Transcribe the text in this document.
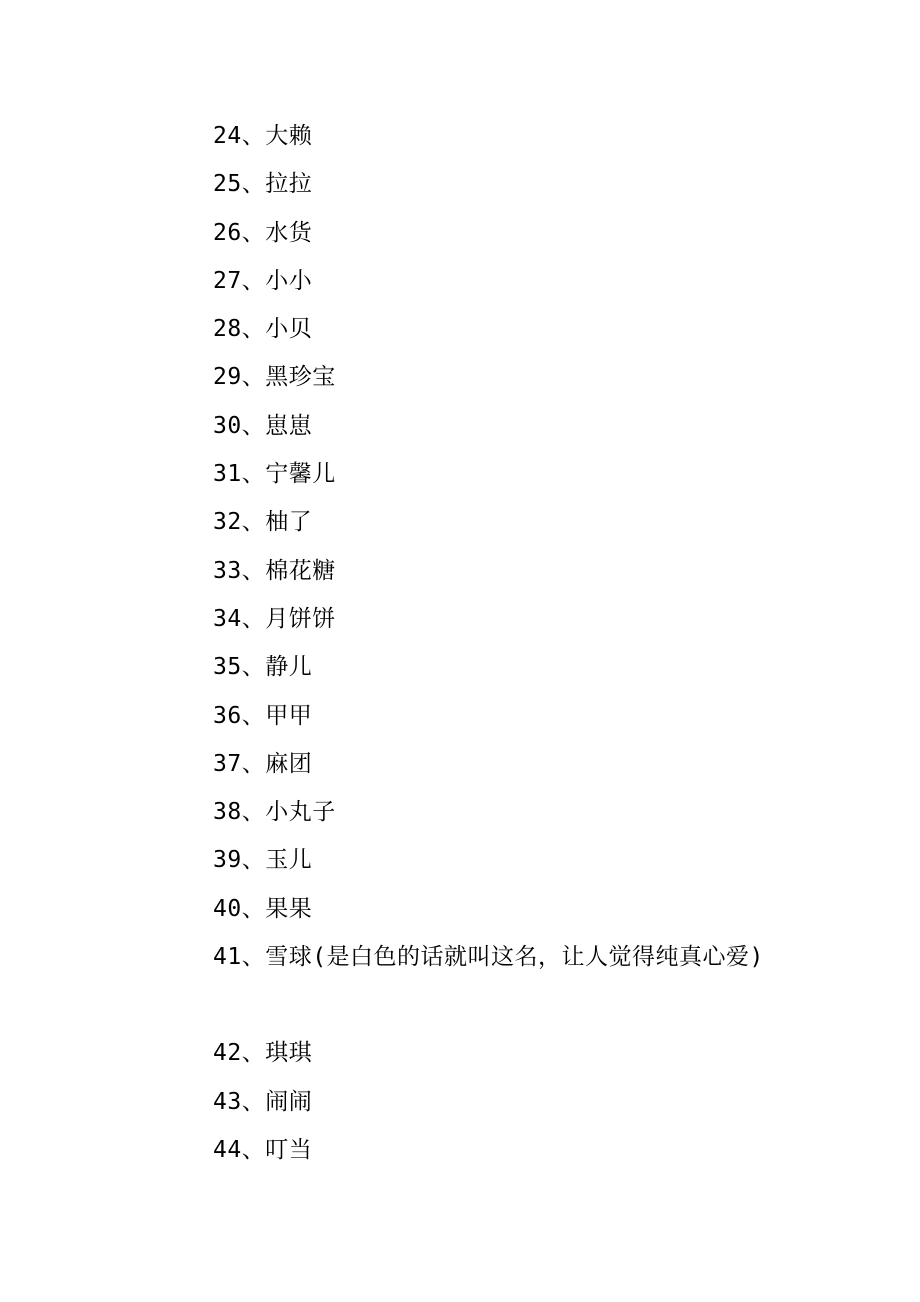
24、大赖
25、拉拉
26、水货
27、小小
28、小贝
29、黑珍宝
30、崽崽
31、宁馨儿
32、柚了
33、棉花糖
34、月饼饼
35、静儿
36、甲甲
37、麻团
38、小丸子
39、玉儿
40、果果
41、雪球(是白色的话就叫这名，让人觉得纯真心爱)
42、琪琪
43、闹闹
44、叮当
